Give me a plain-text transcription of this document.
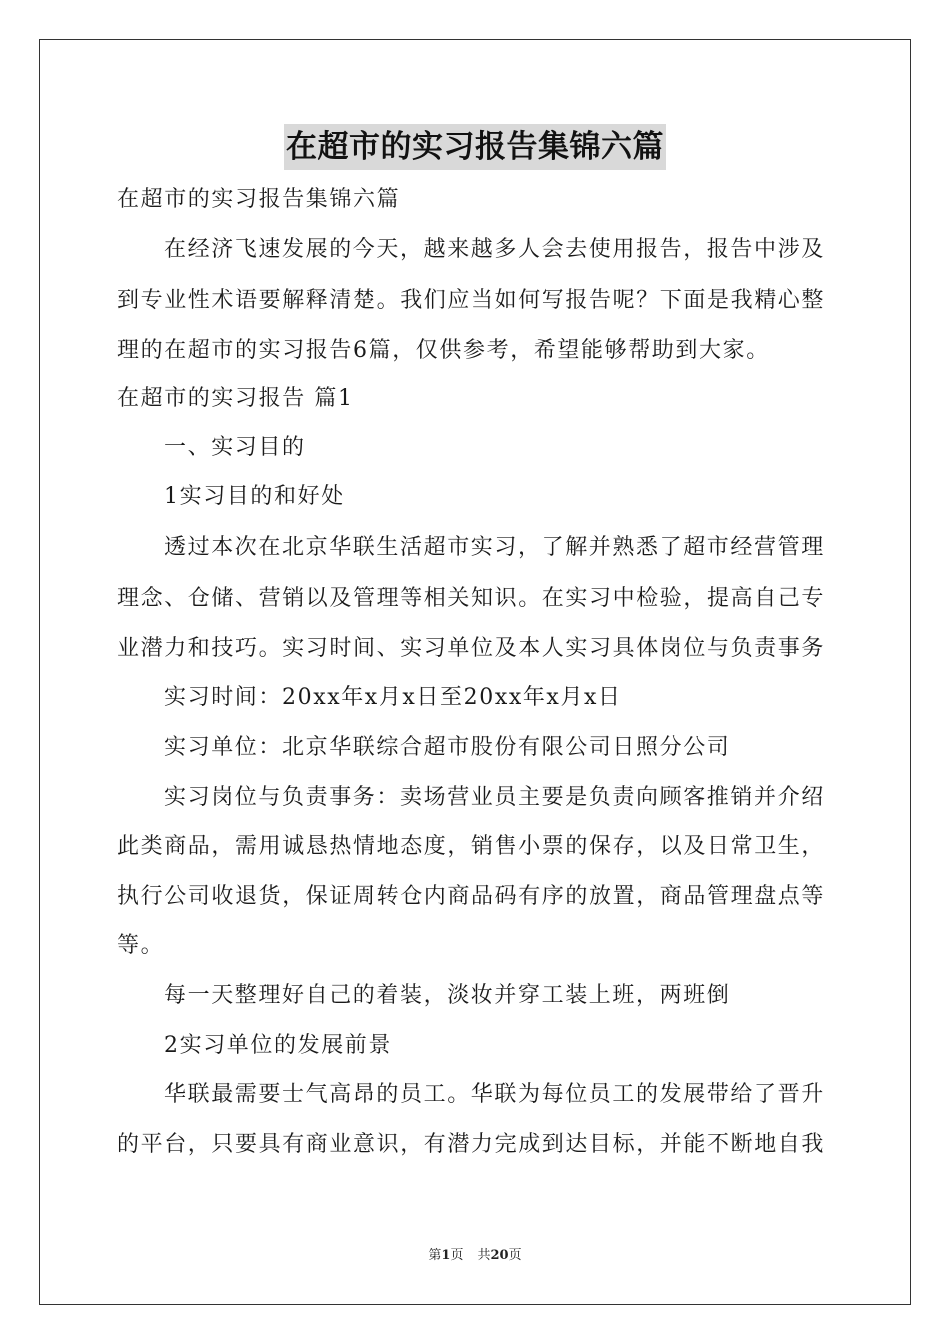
在超市的实习报告集锦六篇

在超市的实习报告集锦六篇

在经济飞速发展的今天，越来越多人会去使用报告，报告中涉及

到专业性术语要解释清楚。我们应当如何写报告呢？下面是我精心整

理的在超市的实习报告6篇，仅供参考，希望能够帮助到大家。

在超市的实习报告 篇1

一、实习目的

1实习目的和好处

透过本次在北京华联生活超市实习，了解并熟悉了超市经营管理

理念、仓储、营销以及管理等相关知识。在实习中检验，提高自己专

业潜力和技巧。实习时间、实习单位及本人实习具体岗位与负责事务

实习时间：20xx年x月x日至20xx年x月x日

实习单位：北京华联综合超市股份有限公司日照分公司

实习岗位与负责事务：卖场营业员主要是负责向顾客推销并介绍

此类商品，需用诚恳热情地态度，销售小票的保存，以及日常卫生，

执行公司收退货，保证周转仓内商品码有序的放置，商品管理盘点等

等。

每一天整理好自己的着装，淡妆并穿工装上班，两班倒

2实习单位的发展前景

华联最需要士气高昂的员工。华联为每位员工的发展带给了晋升

的平台，只要具有商业意识，有潜力完成到达目标，并能不断地自我

第1页 共20页
